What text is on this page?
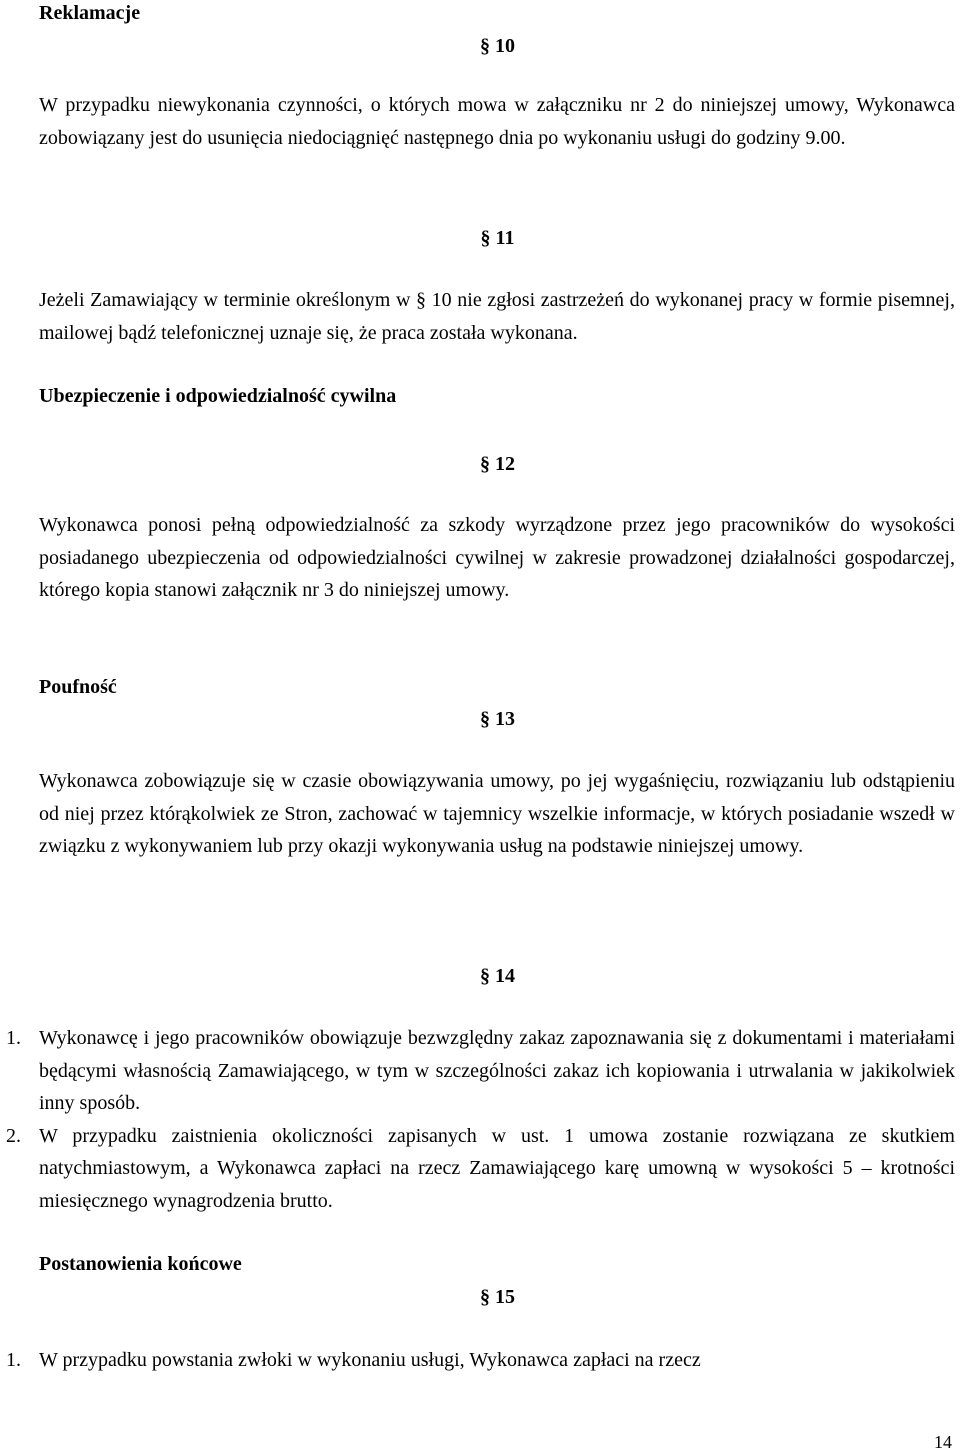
Reklamacje

§ 10

W przypadku niewykonania czynności, o których mowa w załączniku nr 2 do niniejszej umowy, Wykonawca zobowiązany jest do usunięcia niedociągnięć następnego dnia po wykonaniu usługi do godziny 9.00.

§ 11

Jeżeli Zamawiający w terminie określonym w § 10 nie zgłosi zastrzeżeń do wykonanej pracy w formie pisemnej, mailowej bądź telefonicznej uznaje się, że praca została wykonana.

Ubezpieczenie i odpowiedzialność cywilna

§ 12

Wykonawca ponosi pełną odpowiedzialność za szkody wyrządzone przez jego pracowników do wysokości posiadanego ubezpieczenia od odpowiedzialności cywilnej w zakresie prowadzonej działalności gospodarczej, którego kopia stanowi załącznik nr 3 do niniejszej umowy.

Poufność

§ 13

Wykonawca zobowiązuje się w czasie obowiązywania umowy, po jej wygaśnięciu, rozwiązaniu lub odstąpieniu od niej przez którąkolwiek ze Stron, zachować w tajemnicy wszelkie informacje, w których posiadanie wszedł w związku z wykonywaniem lub przy okazji wykonywania usług na podstawie niniejszej umowy.

§ 14

1. Wykonawcę i jego pracowników obowiązuje bezwzględny zakaz zapoznawania się z dokumentami i materiałami będącymi własnością Zamawiającego, w tym w szczególności zakaz ich kopiowania i utrwalania w jakikolwiek inny sposób.
2. W przypadku zaistnienia okoliczności zapisanych w ust. 1 umowa zostanie rozwiązana ze skutkiem natychmiastowym, a Wykonawca zapłaci na rzecz Zamawiającego karę umowną w wysokości 5 – krotności miesięcznego wynagrodzenia brutto.
Postanowienia końcowe

§ 15

1. W przypadku powstania zwłoki w wykonaniu usługi, Wykonawca zapłaci na rzecz

14
